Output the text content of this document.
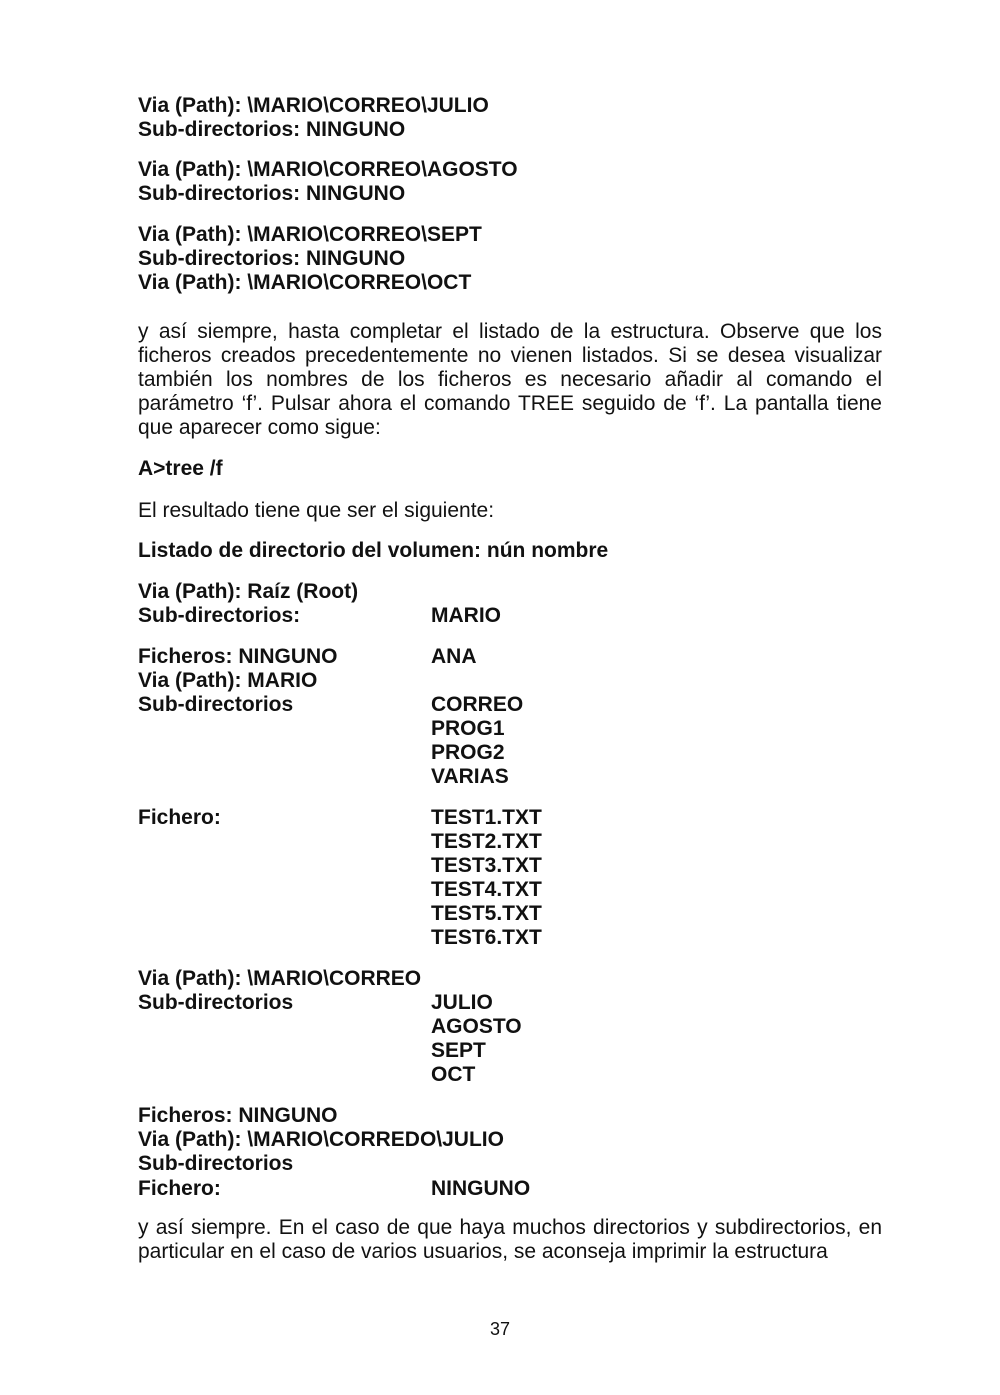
Via (Path): \MARIO\CORREO\JULIO
Sub-directorios: NINGUNO
Via (Path): \MARIO\CORREO\AGOSTO
Sub-directorios: NINGUNO
Via (Path): \MARIO\CORREO\SEPT
Sub-directorios: NINGUNO
Via (Path): \MARIO\CORREO\OCT
y así siempre, hasta completar el listado de la estructura. Observe que los ficheros creados precedentemente no vienen listados. Si se desea visualizar también los nombres de los ficheros es necesario añadir al comando el parámetro ‘f’. Pulsar ahora el comando TREE seguido de ‘f’. La pantalla tiene que aparecer como sigue:
A>tree /f
El resultado tiene que ser el siguiente:
Listado de directorio del volumen: nún nombre
Via (Path): Raíz (Root)
Sub-directorios:	MARIO
Ficheros: NINGUNO	ANA
Via (Path): MARIO
Sub-directorios	CORREO
PROG1
PROG2
VARIAS
Fichero:	TEST1.TXT
TEST2.TXT
TEST3.TXT
TEST4.TXT
TEST5.TXT
TEST6.TXT
Via (Path): \MARIO\CORREO
Sub-directorios	JULIO
AGOSTO
SEPT
OCT
Ficheros: NINGUNO
Via (Path): \MARIO\CORREDO\JULIO
Sub-directorios
Fichero:	NINGUNO
y así siempre. En el caso de que haya muchos directorios y subdirectorios, en particular en el caso de varios usuarios, se aconseja imprimir la estructura
37
